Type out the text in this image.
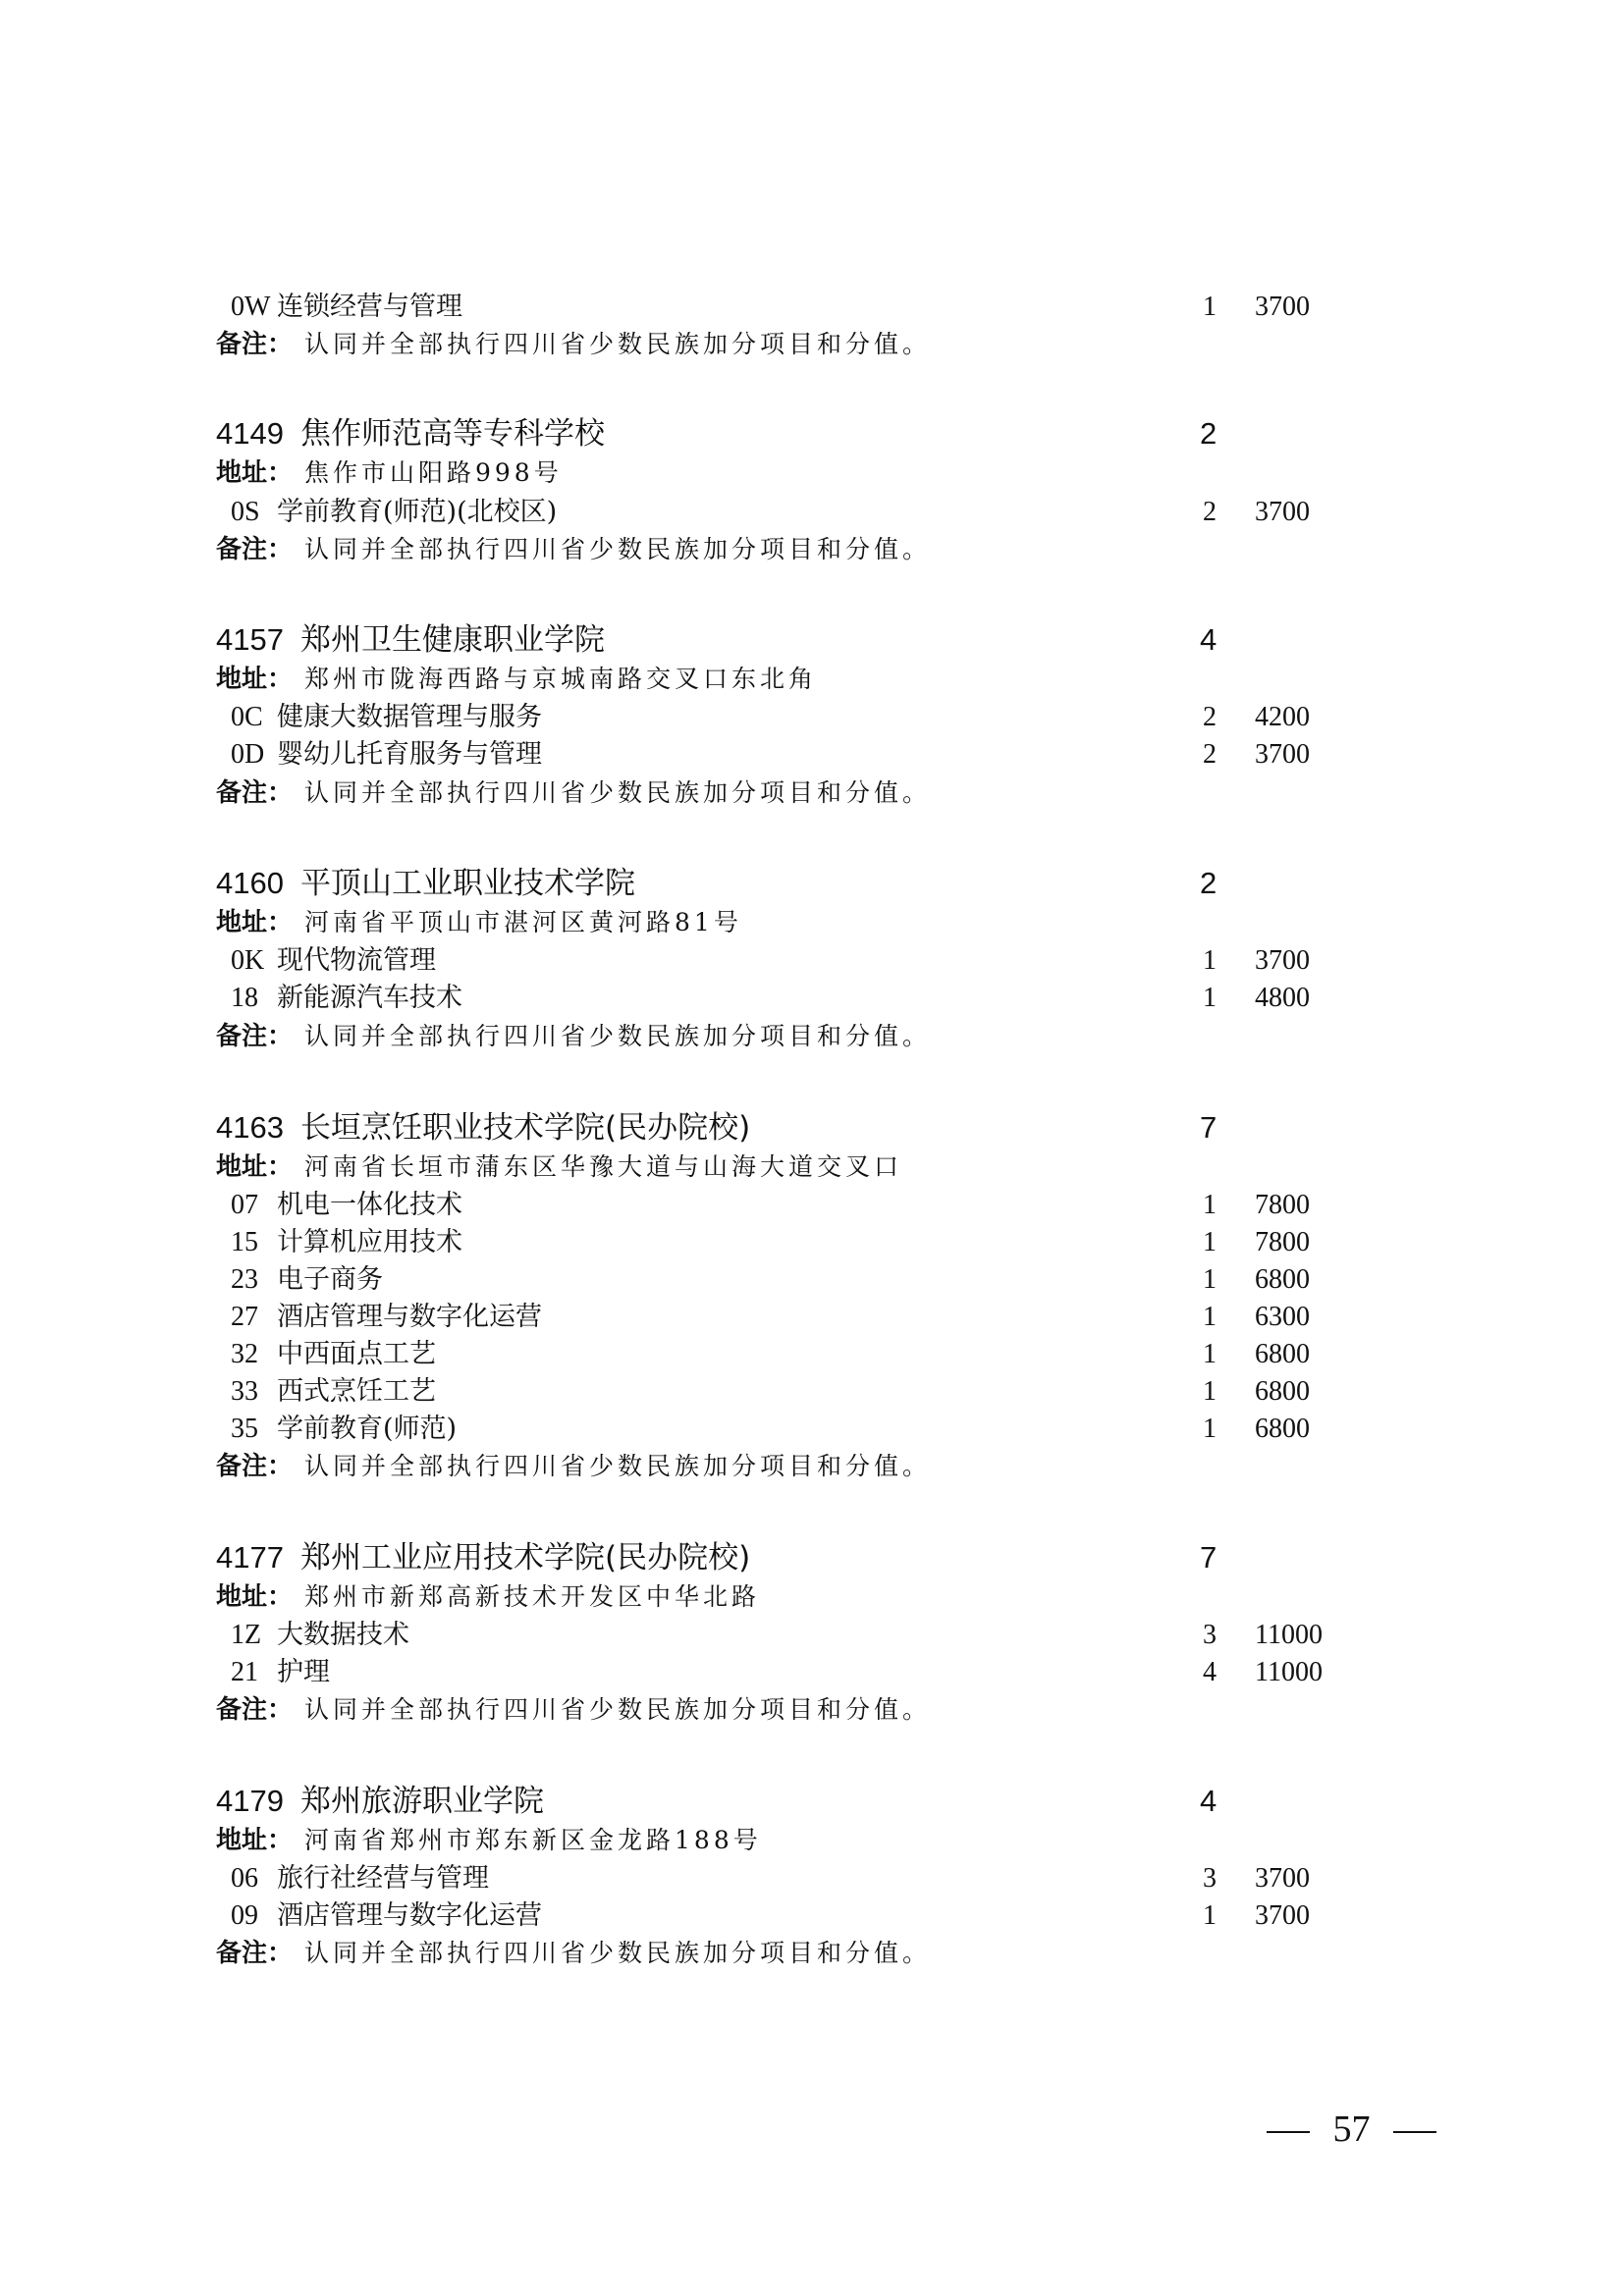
0W 连锁经营与管理	1 3700
备注： 认同并全部执行四川省少数民族加分项目和分值。
4149 焦作师范高等专科学校	2
地址： 焦作市山阳路998号
0S 学前教育(师范)(北校区)	2 3700
备注： 认同并全部执行四川省少数民族加分项目和分值。
4157 郑州卫生健康职业学院	4
地址： 郑州市陇海西路与京城南路交叉口东北角
0C 健康大数据管理与服务	2 4200
0D 婴幼儿托育服务与管理	2 3700
备注： 认同并全部执行四川省少数民族加分项目和分值。
4160 平顶山工业职业技术学院	2
地址： 河南省平顶山市湛河区黄河路81号
0K 现代物流管理	1 3700
18 新能源汽车技术	1 4800
备注： 认同并全部执行四川省少数民族加分项目和分值。
4163 长垣烹饪职业技术学院(民办院校)	7
地址： 河南省长垣市蒲东区华豫大道与山海大道交叉口
07 机电一体化技术	1 7800
15 计算机应用技术	1 7800
23 电子商务	1 6800
27 酒店管理与数字化运营	1 6300
32 中西面点工艺	1 6800
33 西式烹饪工艺	1 6800
35 学前教育(师范)	1 6800
备注： 认同并全部执行四川省少数民族加分项目和分值。
4177 郑州工业应用技术学院(民办院校)	7
地址： 郑州市新郑高新技术开发区中华北路
1Z 大数据技术	3 11000
21 护理	4 11000
备注： 认同并全部执行四川省少数民族加分项目和分值。
4179 郑州旅游职业学院	4
地址： 河南省郑州市郑东新区金龙路188号
06 旅行社经营与管理	3 3700
09 酒店管理与数字化运营	1 3700
备注： 认同并全部执行四川省少数民族加分项目和分值。
57
